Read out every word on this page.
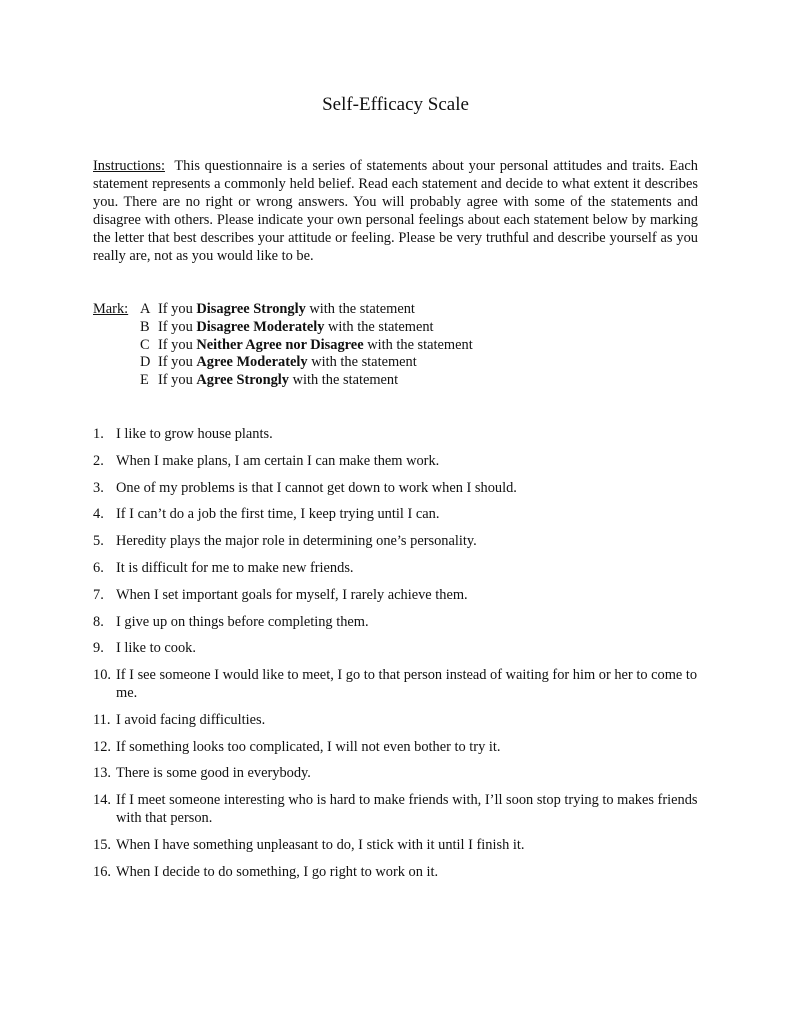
Self-Efficacy Scale
Instructions: This questionnaire is a series of statements about your personal attitudes and traits. Each statement represents a commonly held belief. Read each statement and decide to what extent it describes you. There are no right or wrong answers. You will probably agree with some of the statements and disagree with others. Please indicate your own personal feelings about each statement below by marking the letter that best describes your attitude or feeling. Please be very truthful and describe yourself as you really are, not as you would like to be.
Mark: A If you Disagree Strongly with the statement
B If you Disagree Moderately with the statement
C If you Neither Agree nor Disagree with the statement
D If you Agree Moderately with the statement
E If you Agree Strongly with the statement
1. I like to grow house plants.
2. When I make plans, I am certain I can make them work.
3. One of my problems is that I cannot get down to work when I should.
4. If I can’t do a job the first time, I keep trying until I can.
5. Heredity plays the major role in determining one’s personality.
6. It is difficult for me to make new friends.
7. When I set important goals for myself, I rarely achieve them.
8. I give up on things before completing them.
9. I like to cook.
10. If I see someone I would like to meet, I go to that person instead of waiting for him or her to come to me.
11. I avoid facing difficulties.
12. If something looks too complicated, I will not even bother to try it.
13. There is some good in everybody.
14. If I meet someone interesting who is hard to make friends with, I’ll soon stop trying to makes friends with that person.
15. When I have something unpleasant to do, I stick with it until I finish it.
16. When I decide to do something, I go right to work on it.
